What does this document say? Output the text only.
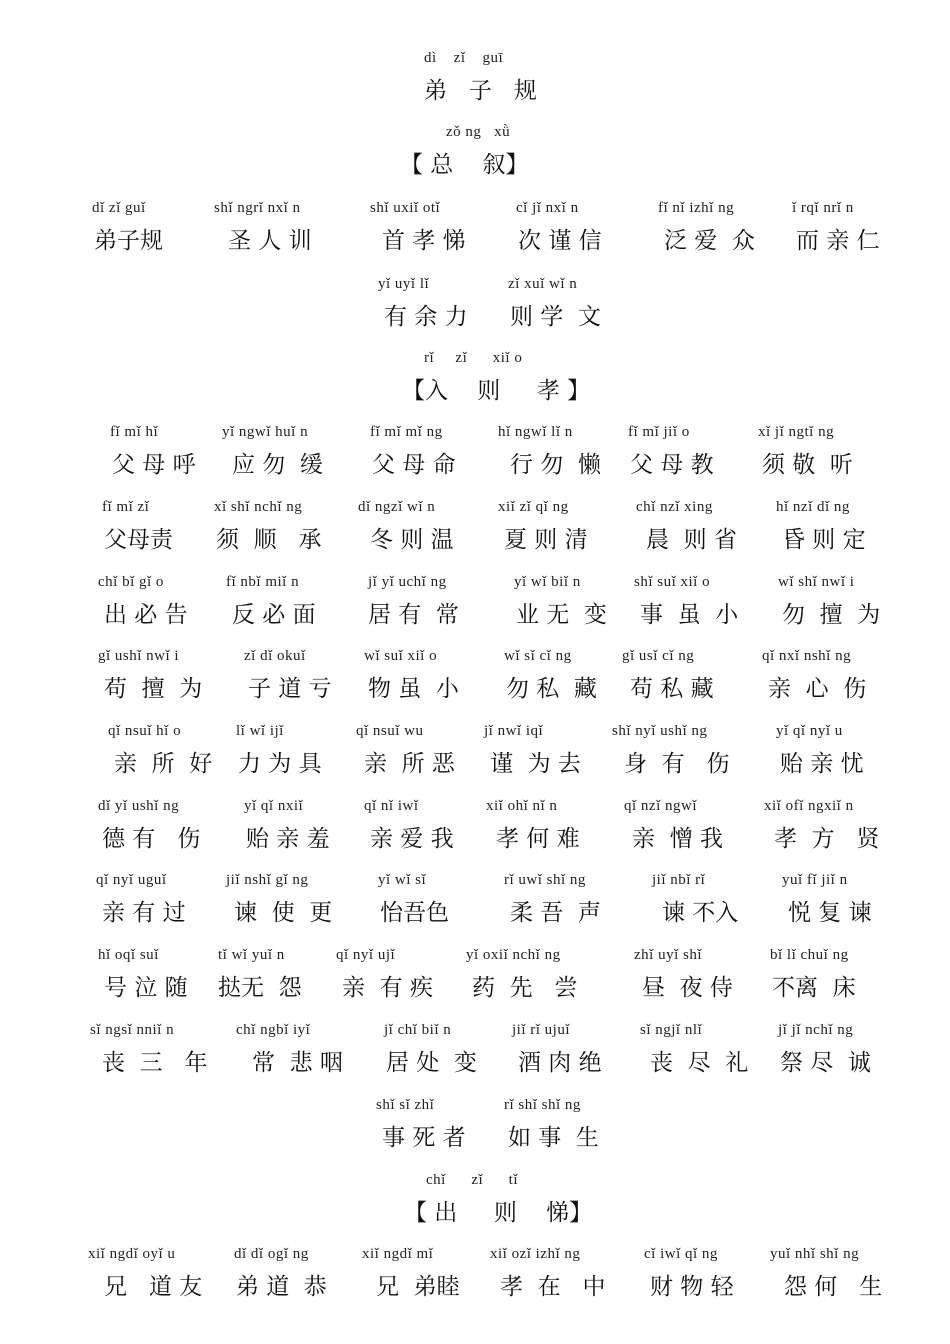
dì    zǐ    guī
弟   子   规
zǒ ng   xǜ
【 总    叙】
dǐ zǐ guǐ
弟子规
shǐ ngrǐ nxǐ n
圣 人 训
shǐ uxiǐ otǐ
首 孝 悌
cǐ jǐ nxǐ n
次 谨 信
fǐ nǐ izhǐ ng
泛 爱  众
ǐ rqǐ nrǐ n
而 亲 仁
yǐ uyǐ lǐ
有 余 力
zǐ xuǐ wǐ n
则 学  文
rǐ     zǐ      xiǐ o
【入    则     孝 】
fǐ mǐ hǐ
父 母 呼
yǐ ngwǐ huǐ n
应 勿  缓
fǐ mǐ mǐ ng
父 母 命
hǐ ngwǐ lǐ n
行 勿  懒
fǐ mǐ jiǐ o
父 母 教
xǐ jǐ ngtǐ ng
须 敬  听
fǐ mǐ zǐ
父母责
xǐ shǐ nchǐ ng
须  顺   承
dǐ ngzǐ wǐ n
冬 则 温
xiǐ zǐ qǐ ng
夏 则 清
chǐ nzǐ xing
晨  则 省
hǐ nzǐ dǐ ng
昏 则 定
chǐ bǐ gǐ o
出 必 告
fǐ nbǐ miǐ n
反 必 面
jǐ yǐ uchǐ ng
居 有  常
yǐ wǐ biǐ n
业 无  变
shǐ suǐ xiǐ o
事  虽  小
wǐ shǐ nwǐ i
勿  擅  为
gǐ ushǐ nwǐ i
苟  擅  为
zǐ dǐ okuǐ
子 道 亏
wǐ suǐ xiǐ o
物 虽  小
wǐ sǐ cǐ ng
勿 私  藏
gǐ usǐ cǐ ng
苟 私 藏
qǐ nxǐ nshǐ ng
亲  心  伤
qǐ nsuǐ hǐ o
亲  所  好
lǐ wǐ ijǐ
力 为 具
qǐ nsuǐ wu
亲  所 恶
jǐ nwǐ iqǐ
谨  为 去
shǐ nyǐ ushǐ ng
身  有   伤
yǐ qǐ nyǐ u
贻 亲 忧
dǐ yǐ ushǐ ng
德 有   伤
yǐ qǐ nxiǐ
贻 亲 羞
qǐ nǐ iwǐ
亲 爱 我
xiǐ ohǐ nǐ n
孝 何 难
qǐ nzǐ ngwǐ
亲  憎 我
xiǐ ofǐ ngxiǐ n
孝  方   贤
qǐ nyǐ uguǐ
亲 有 过
jiǐ nshǐ gǐ ng
谏  使  更
yǐ wǐ sǐ
怡吾色
rǐ uwǐ shǐ ng
柔 吾  声
jiǐ nbǐ rǐ
谏 不入
yuǐ fǐ jiǐ n
悦 复 谏
hǐ oqǐ suǐ
号 泣 随
tǐ wǐ yuǐ n
挞无  怨
qǐ nyǐ ujǐ
亲  有 疾
yǐ oxiǐ nchǐ ng
药  先   尝
zhǐ uyǐ shǐ
昼  夜 侍
bǐ lǐ chuǐ ng
不离  床
sǐ ngsǐ nniǐ n
丧  三   年
chǐ ngbǐ iyǐ
常  悲 咽
jǐ chǐ biǐ n
居 处  变
jiǐ rǐ ujuǐ
酒 肉 绝
sǐ ngjǐ nlǐ
丧  尽  礼
jǐ jǐ nchǐ ng
祭 尽  诚
shǐ sǐ zhǐ
事 死 者
rǐ shǐ shǐ ng
如 事  生
chǐ      zǐ      tǐ
【 出     则    悌】
xiǐ ngdǐ oyǐ u
兄   道 友
dǐ dǐ ogǐ ng
弟 道  恭
xiǐ ngdǐ mǐ
兄  弟睦
xiǐ ozǐ izhǐ ng
孝  在   中
cǐ iwǐ qǐ ng
财 物 轻
yuǐ nhǐ shǐ ng
怨 何   生
